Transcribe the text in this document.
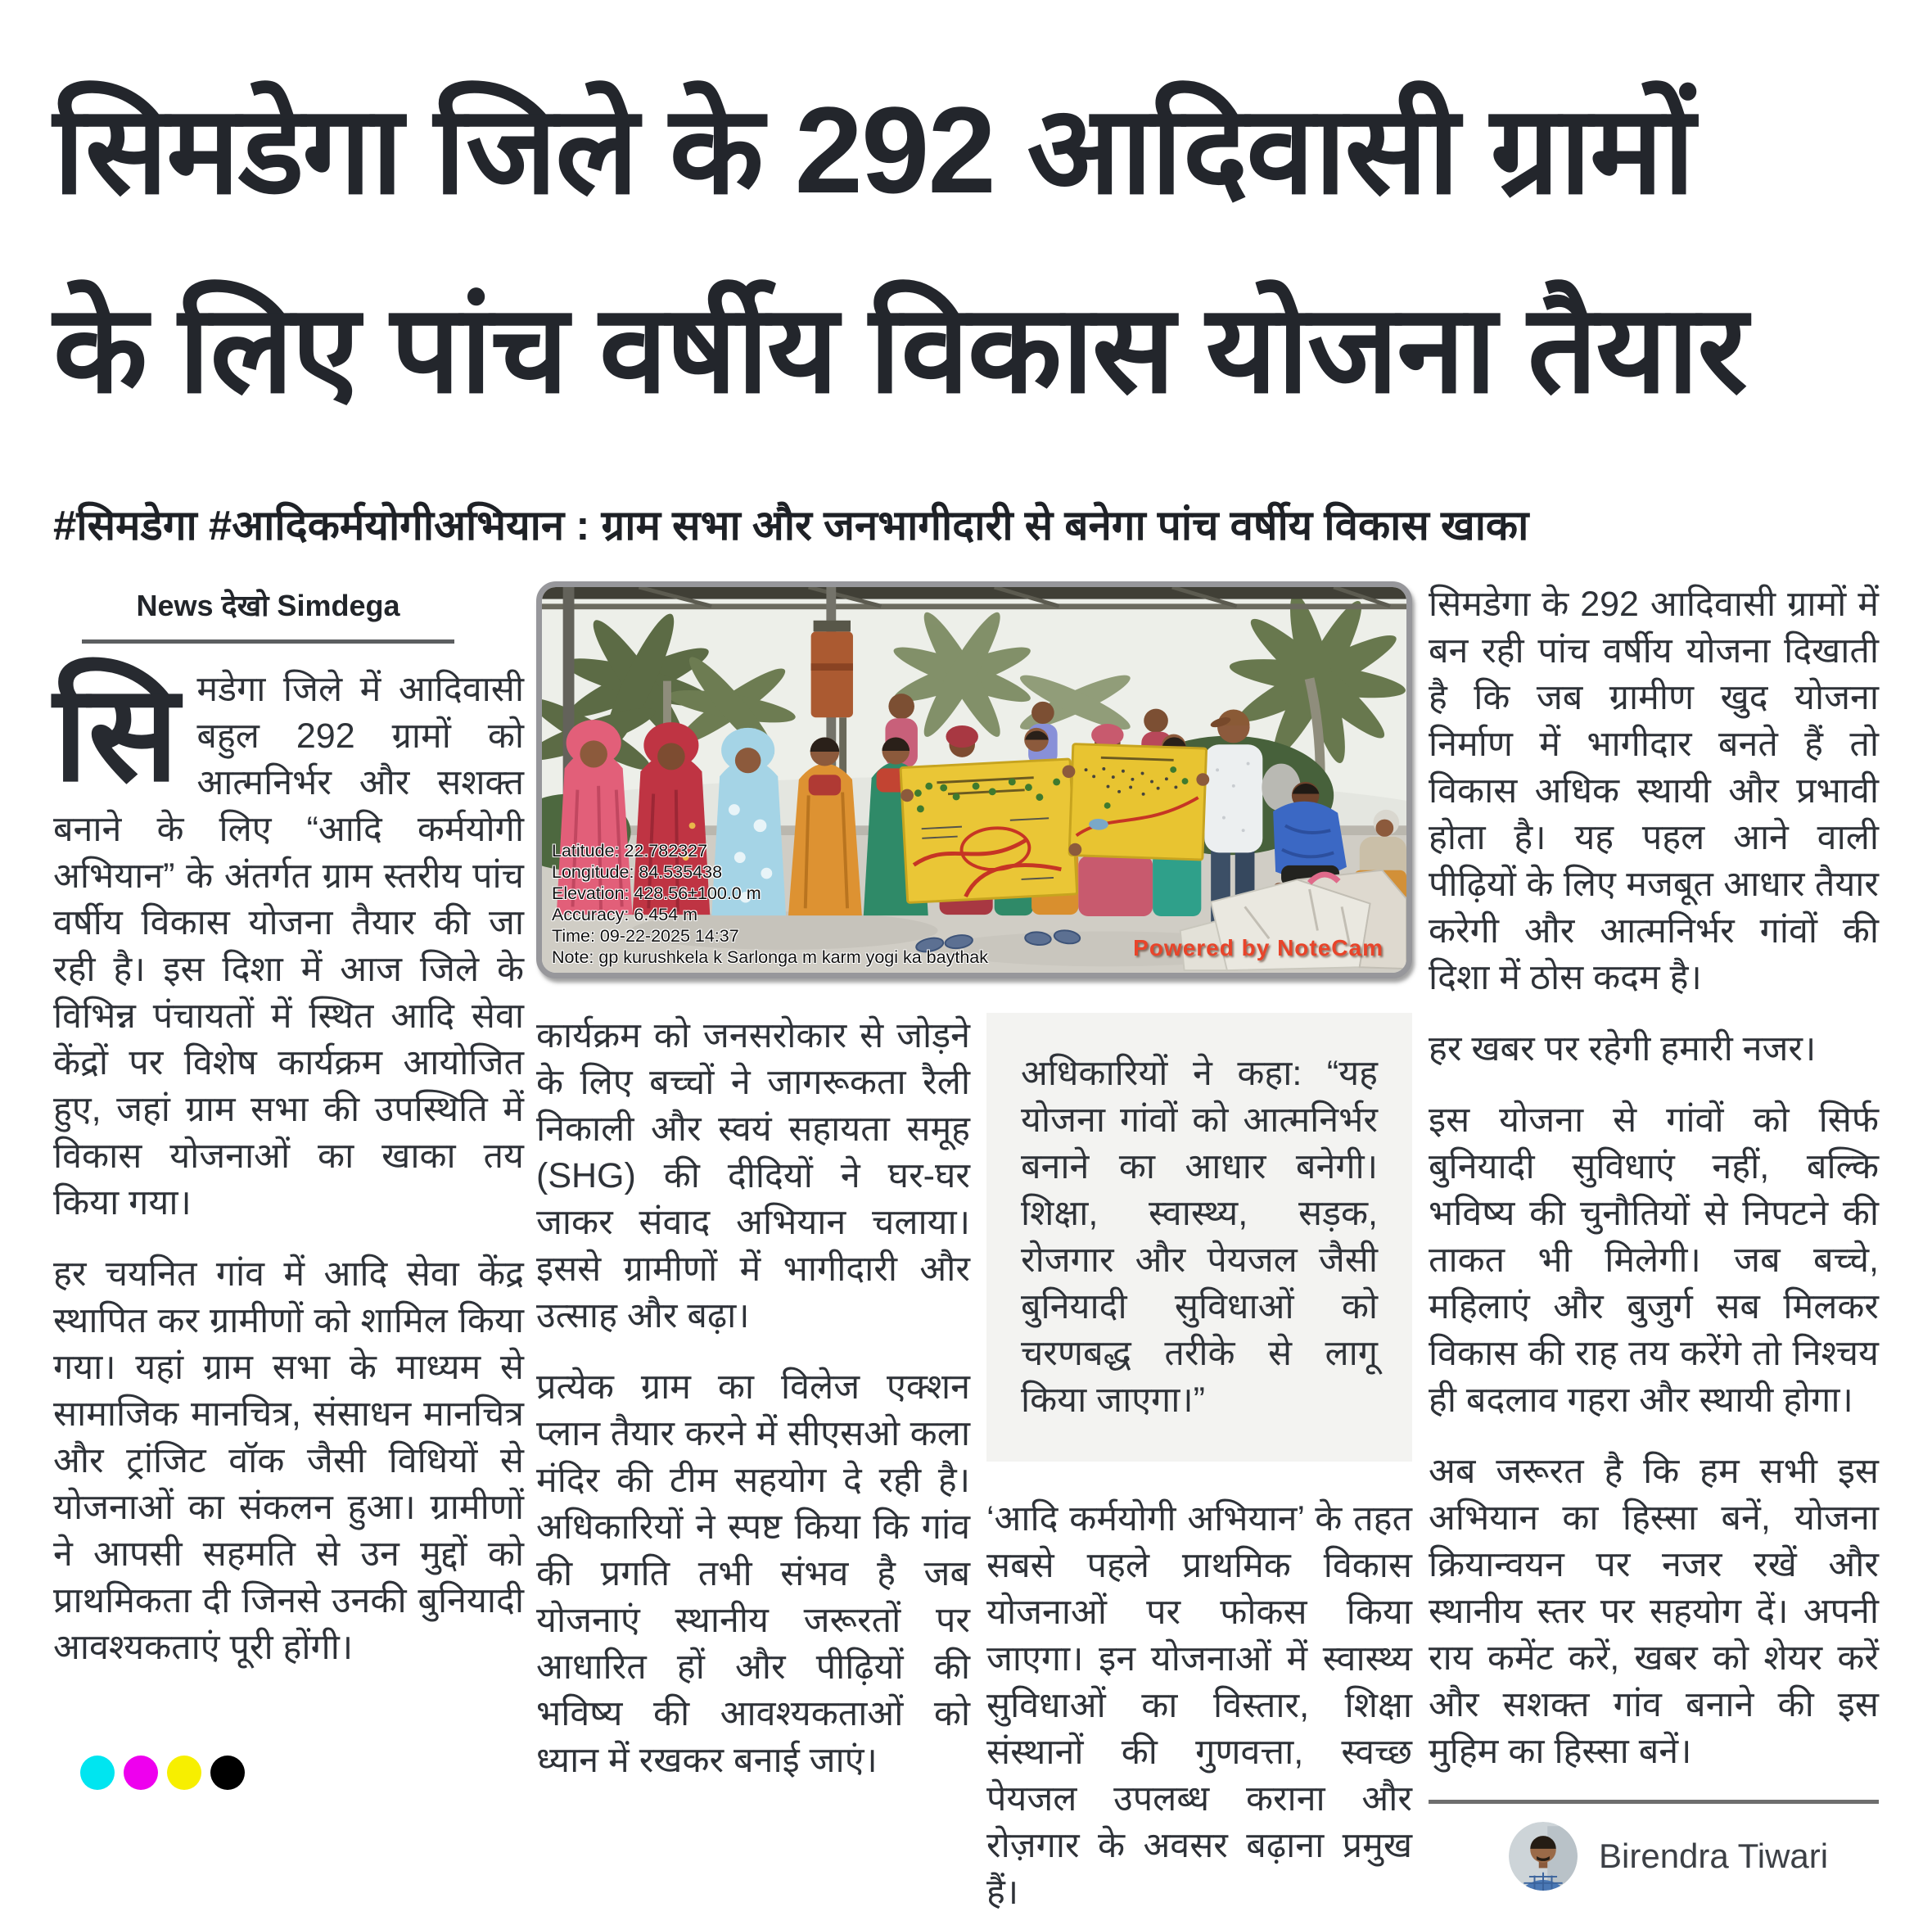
सिमडेगा जिले के 292 आदिवासी ग्रामों
के लिए पांच वर्षीय विकास योजना तैयार
#सिमडेगा #आदिकर्मयोगीअभियान : ग्राम सभा और जनभागीदारी से बनेगा पांच वर्षीय विकास खाका
News देखो Simdega

सिमडेगा जिले में आदिवासी बहुल 292 ग्रामों को आत्मनिर्भर और सशक्त बनाने के लिए “आदि कर्मयोगी अभियान” के अंतर्गत ग्राम स्तरीय पांच वर्षीय विकास योजना तैयार की जा रही है। इस दिशा में आज जिले के विभिन्न पंचायतों में स्थित आदि सेवा केंद्रों पर विशेष कार्यक्रम आयोजित हुए, जहां ग्राम सभा की उपस्थिति में विकास योजनाओं का खाका तय किया गया।

हर चयनित गांव में आदि सेवा केंद्र स्थापित कर ग्रामीणों को शामिल किया गया। यहां ग्राम सभा के माध्यम से सामाजिक मानचित्र, संसाधन मानचित्र और ट्रांजिट वॉक जैसी विधियों से योजनाओं का संकलन हुआ। ग्रामीणों ने आपसी सहमति से उन मुद्दों को प्राथमिकता दी जिनसे उनकी बुनियादी आवश्यकताएं पूरी होंगी।

Latitude: 22.782327
Longitude: 84.535438
Elevation: 428.56±100.0 m
Accuracy: 6.454 m
Time: 09-22-2025 14:37
Note: gp kurushkela k Sarlonga m karm yogi ka baythak	Powered by NoteCam

कार्यक्रम को जनसरोकार से जोड़ने के लिए बच्चों ने जागरूकता रैली निकाली और स्वयं सहायता समूह (SHG) की दीदियों ने घर-घर जाकर संवाद अभियान चलाया। इससे ग्रामीणों में भागीदारी और उत्साह और बढ़ा।

प्रत्येक ग्राम का विलेज एक्शन प्लान तैयार करने में सीएसओ कला मंदिर की टीम सहयोग दे रही है। अधिकारियों ने स्पष्ट किया कि गांव की प्रगति तभी संभव है जब योजनाएं स्थानीय जरूरतों पर आधारित हों और पीढ़ियों की भविष्य की आवश्यकताओं को ध्यान में रखकर बनाई जाएं।

अधिकारियों ने कहा: “यह योजना गांवों को आत्मनिर्भर बनाने का आधार बनेगी। शिक्षा, स्वास्थ्य, सड़क, रोजगार और पेयजल जैसी बुनियादी सुविधाओं को चरणबद्ध तरीके से लागू किया जाएगा।”

‘आदि कर्मयोगी अभियान’ के तहत सबसे पहले प्राथमिक विकास योजनाओं पर फोकस किया जाएगा। इन योजनाओं में स्वास्थ्य सुविधाओं का विस्तार, शिक्षा संस्थानों की गुणवत्ता, स्वच्छ पेयजल उपलब्ध कराना और रोज़गार के अवसर बढ़ाना प्रमुख हैं।

सिमडेगा के 292 आदिवासी ग्रामों में बन रही पांच वर्षीय योजना दिखाती है कि जब ग्रामीण खुद योजना निर्माण में भागीदार बनते हैं तो विकास अधिक स्थायी और प्रभावी होता है। यह पहल आने वाली पीढ़ियों के लिए मजबूत आधार तैयार करेगी और आत्मनिर्भर गांवों की दिशा में ठोस कदम है।

हर खबर पर रहेगी हमारी नजर।

इस योजना से गांवों को सिर्फ बुनियादी सुविधाएं नहीं, बल्कि भविष्य की चुनौतियों से निपटने की ताकत भी मिलेगी। जब बच्चे, महिलाएं और बुजुर्ग सब मिलकर विकास की राह तय करेंगे तो निश्चय ही बदलाव गहरा और स्थायी होगा।

अब जरूरत है कि हम सभी इस अभियान का हिस्सा बनें, योजना क्रियान्वयन पर नजर रखें और स्थानीय स्तर पर सहयोग दें। अपनी राय कमेंट करें, खबर को शेयर करें और सशक्त गांव बनाने की इस मुहिम का हिस्सा बनें।

Birendra Tiwari
